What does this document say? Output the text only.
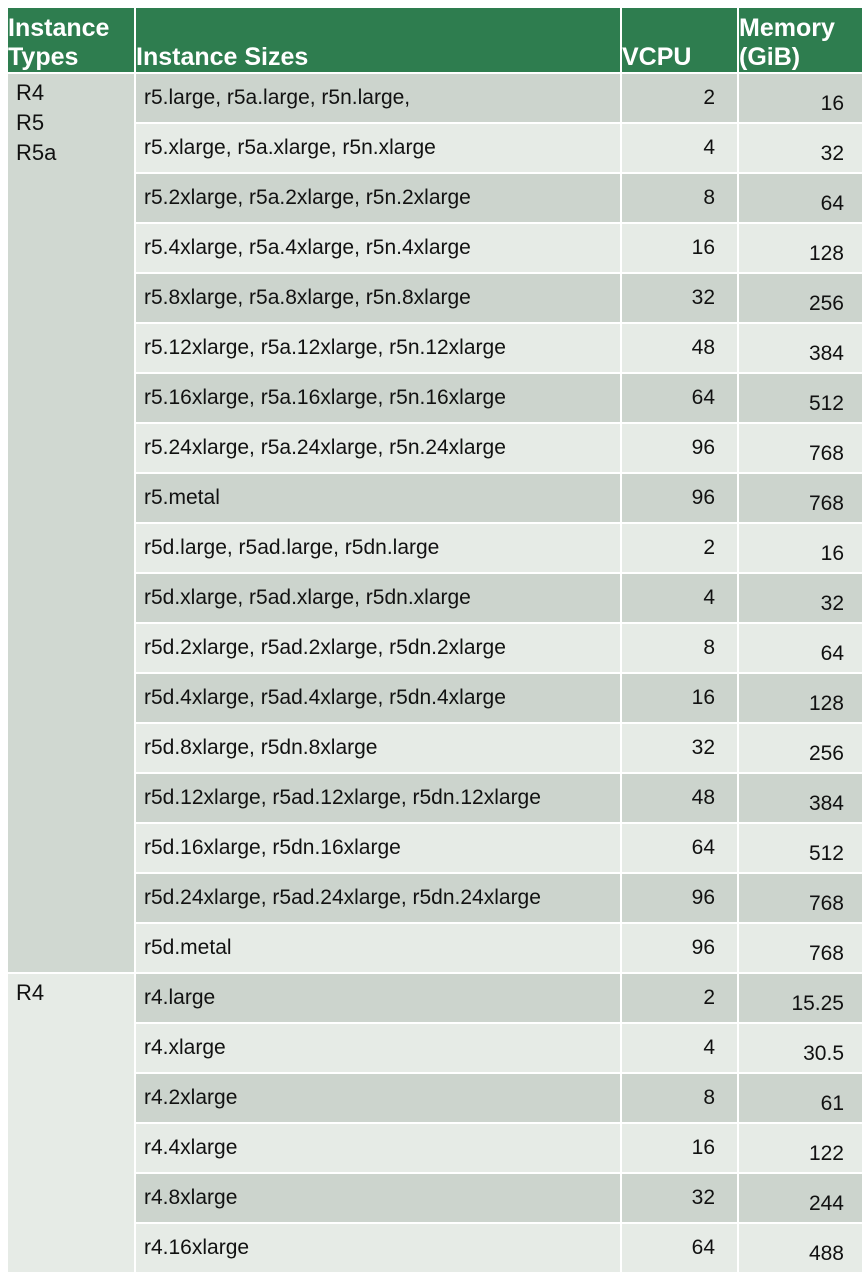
Instance
Types	Instance Sizes	VCPU	Memory
(GiB)
R4
R5
R5a	r5.large, r5a.large, r5n.large,	2	16
	r5.xlarge, r5a.xlarge, r5n.xlarge	4	32
	r5.2xlarge, r5a.2xlarge, r5n.2xlarge	8	64
	r5.4xlarge, r5a.4xlarge, r5n.4xlarge	16	128
	r5.8xlarge, r5a.8xlarge, r5n.8xlarge	32	256
	r5.12xlarge, r5a.12xlarge, r5n.12xlarge	48	384
	r5.16xlarge, r5a.16xlarge, r5n.16xlarge	64	512
	r5.24xlarge, r5a.24xlarge, r5n.24xlarge	96	768
	r5.metal	96	768
	r5d.large, r5ad.large, r5dn.large	2	16
	r5d.xlarge, r5ad.xlarge, r5dn.xlarge	4	32
	r5d.2xlarge, r5ad.2xlarge, r5dn.2xlarge	8	64
	r5d.4xlarge, r5ad.4xlarge, r5dn.4xlarge	16	128
	r5d.8xlarge, r5dn.8xlarge	32	256
	r5d.12xlarge, r5ad.12xlarge, r5dn.12xlarge	48	384
	r5d.16xlarge, r5dn.16xlarge	64	512
	r5d.24xlarge, r5ad.24xlarge, r5dn.24xlarge	96	768
	r5d.metal	96	768
R4	r4.large	2	15.25
	r4.xlarge	4	30.5
	r4.2xlarge	8	61
	r4.4xlarge	16	122
	r4.8xlarge	32	244
	r4.16xlarge	64	488
